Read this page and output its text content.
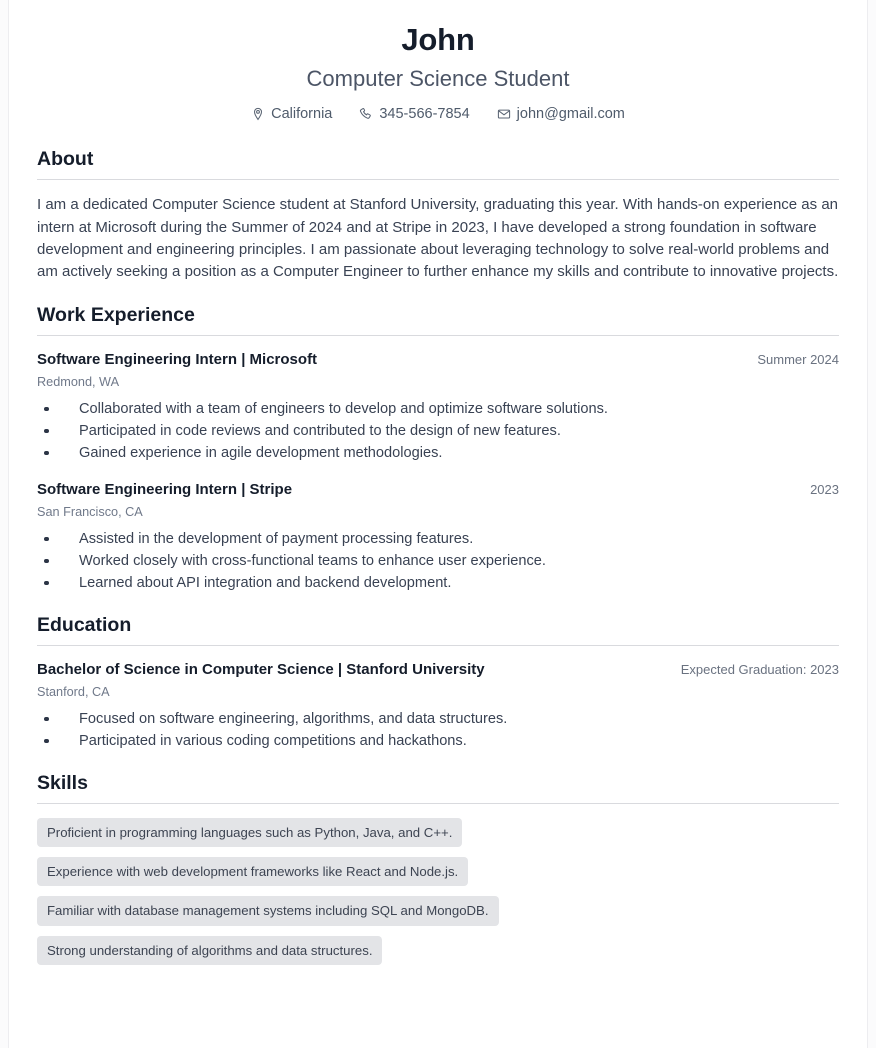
John
Computer Science Student
California	345-566-7854	john@gmail.com
About

I am a dedicated Computer Science student at Stanford University, graduating this year. With hands-on experience as an intern at Microsoft during the Summer of 2024 and at Stripe in 2023, I have developed a strong foundation in software development and engineering principles. I am passionate about leveraging technology to solve real-world problems and am actively seeking a position as a Computer Engineer to further enhance my skills and contribute to innovative projects.

Work Experience
Software Engineering Intern | Microsoft	Summer 2024
Redmond, WA
Collaborated with a team of engineers to develop and optimize software solutions.
Participated in code reviews and contributed to the design of new features.
Gained experience in agile development methodologies.
Software Engineering Intern | Stripe	2023
San Francisco, CA
Assisted in the development of payment processing features.
Worked closely with cross-functional teams to enhance user experience.
Learned about API integration and backend development.
Education
Bachelor of Science in Computer Science | Stanford University	Expected Graduation: 2023
Stanford, CA
Focused on software engineering, algorithms, and data structures.
Participated in various coding competitions and hackathons.
Skills
Proficient in programming languages such as Python, Java, and C++.
Experience with web development frameworks like React and Node.js.
Familiar with database management systems including SQL and MongoDB.
Strong understanding of algorithms and data structures.
